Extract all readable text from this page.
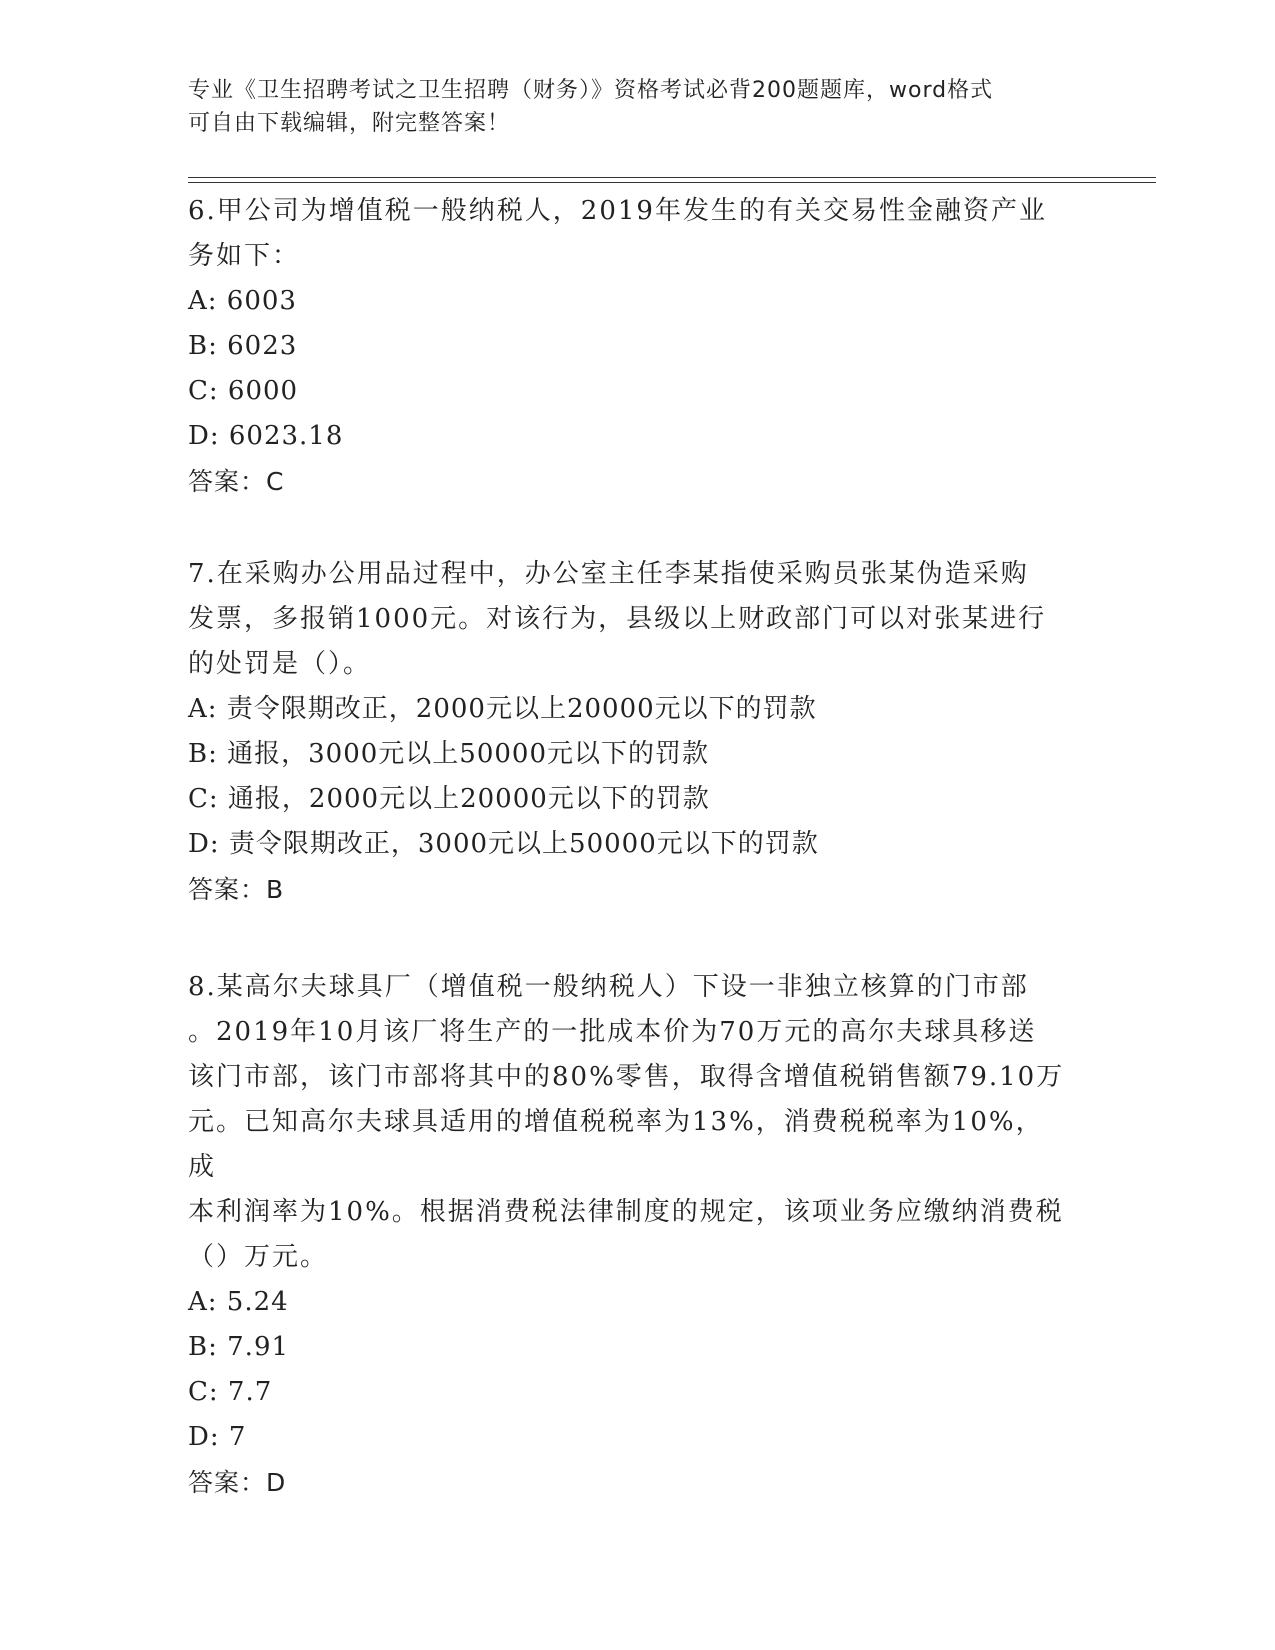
专业《卫生招聘考试之卫生招聘（财务）》资格考试必背200题题库，word格式
可自由下载编辑，附完整答案！

6.甲公司为增值税一般纳税人，2019年发生的有关交易性金融资产业

务如下：

A: 6003

B: 6023

C: 6000

D: 6023.18

答案：C

7.在采购办公用品过程中，办公室主任李某指使采购员张某伪造采购

发票，多报销1000元。对该行为，县级以上财政部门可以对张某进行

的处罚是（）。

A: 责令限期改正，2000元以上20000元以下的罚款

B: 通报，3000元以上50000元以下的罚款

C: 通报，2000元以上20000元以下的罚款

D: 责令限期改正，3000元以上50000元以下的罚款

答案：B

8.某高尔夫球具厂（增值税一般纳税人）下设一非独立核算的门市部

。2019年10月该厂将生产的一批成本价为70万元的高尔夫球具移送

该门市部，该门市部将其中的80%零售，取得含增值税销售额79.10万

元。已知高尔夫球具适用的增值税税率为13%，消费税税率为10%，成

本利润率为10%。根据消费税法律制度的规定，该项业务应缴纳消费税

（）万元。

A: 5.24

B: 7.91

C: 7.7

D: 7

答案：D
